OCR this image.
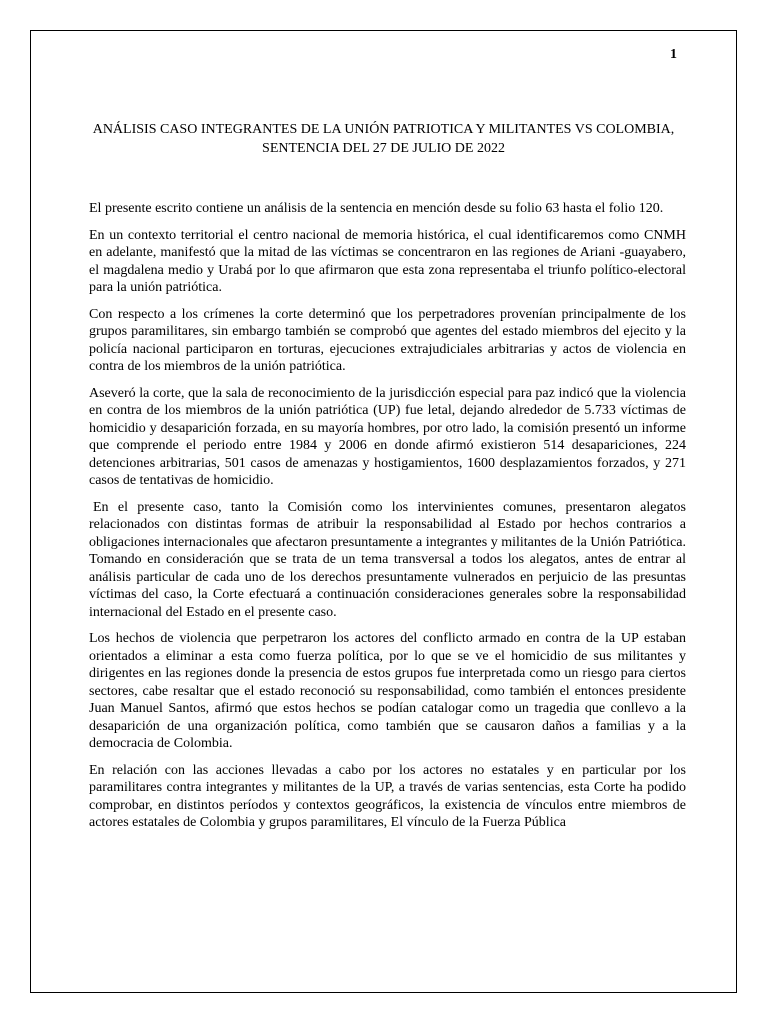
1
ANÁLISIS CASO INTEGRANTES DE LA UNIÓN PATRIOTICA Y MILITANTES VS COLOMBIA, SENTENCIA DEL 27 DE JULIO DE 2022

El presente escrito contiene un análisis de la sentencia en mención desde su folio 63 hasta el folio 120.

En un contexto territorial el centro nacional de memoria histórica, el cual identificaremos como CNMH en adelante, manifestó que la mitad de las víctimas se concentraron en las regiones de Ariani -guayabero, el magdalena medio y Urabá por lo que afirmaron que esta zona representaba el triunfo político-electoral para la unión patriótica.

Con respecto a los crímenes la corte determinó que los perpetradores provenían principalmente de los grupos paramilitares, sin embargo también se comprobó que agentes del estado miembros del ejecito y la policía nacional participaron en torturas, ejecuciones extrajudiciales arbitrarias y actos de violencia en contra de los miembros de la unión patriótica.

Aseveró la corte, que la sala de reconocimiento de la jurisdicción especial para paz indicó que la violencia en contra de los miembros de la unión patriótica (UP) fue letal, dejando alrededor de 5.733 víctimas de homicidio y desaparición forzada, en su mayoría hombres, por otro lado, la comisión presentó un informe que comprende el periodo entre 1984 y 2006 en donde afirmó existieron 514 desapariciones, 224 detenciones arbitrarias, 501 casos de amenazas y hostigamientos, 1600 desplazamientos forzados, y 271 casos de tentativas de homicidio.

En el presente caso, tanto la Comisión como los intervinientes comunes, presentaron alegatos relacionados con distintas formas de atribuir la responsabilidad al Estado por hechos contrarios a obligaciones internacionales que afectaron presuntamente a integrantes y militantes de la Unión Patriótica. Tomando en consideración que se trata de un tema transversal a todos los alegatos, antes de entrar al análisis particular de cada uno de los derechos presuntamente vulnerados en perjuicio de las presuntas víctimas del caso, la Corte efectuará a continuación consideraciones generales sobre la responsabilidad internacional del Estado en el presente caso.

Los hechos de violencia que perpetraron los actores del conflicto armado en contra de la UP estaban orientados a eliminar a esta como fuerza política, por lo que se ve el homicidio de sus militantes y dirigentes en las regiones donde la presencia de estos grupos fue interpretada como un riesgo para ciertos sectores, cabe resaltar que el estado reconoció su responsabilidad, como también el entonces presidente Juan Manuel Santos, afirmó que estos hechos se podían catalogar como un tragedia que conllevo a la desaparición de una organización política, como también que se causaron daños a familias y a la democracia de Colombia.

En relación con las acciones llevadas a cabo por los actores no estatales y en particular por los paramilitares contra integrantes y militantes de la UP, a través de varias sentencias, esta Corte ha podido comprobar, en distintos períodos y contextos geográficos, la existencia de vínculos entre miembros de actores estatales de Colombia y grupos paramilitares, El vínculo de la Fuerza Pública
